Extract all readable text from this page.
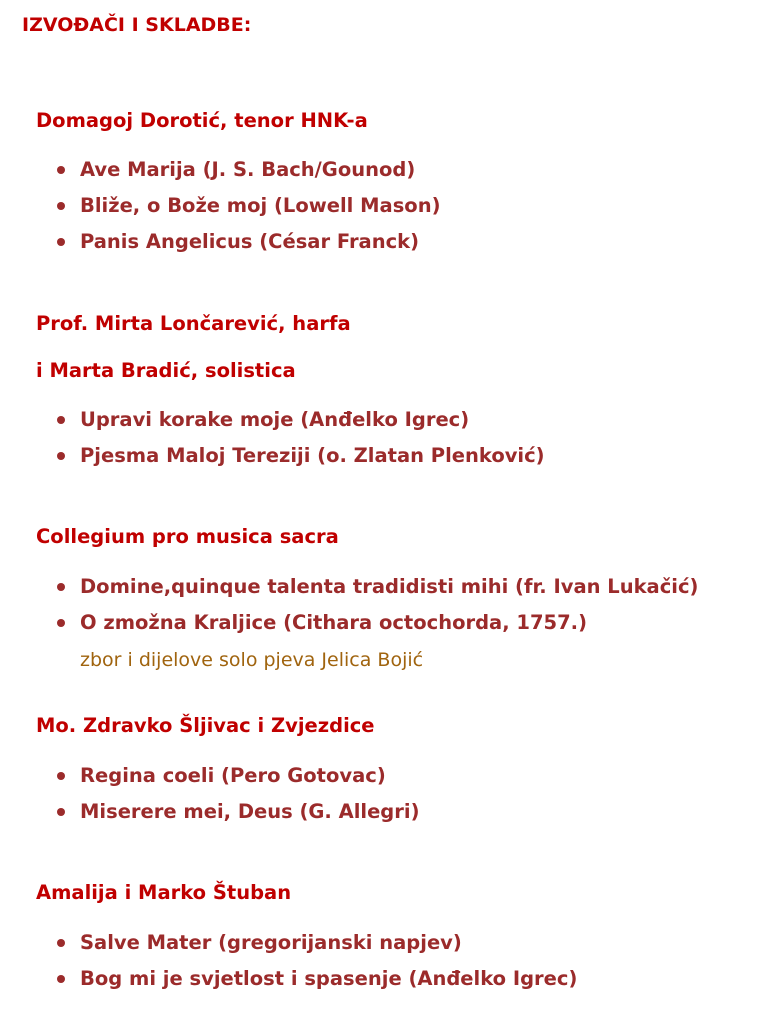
IZVOĐAČI I SKLADBE:
Domagoj Dorotić, tenor HNK-a
Ave Marija (J. S. Bach/Gounod)
Bliže, o Bože moj (Lowell Mason)
Panis Angelicus (César Franck)
Prof. Mirta Lončarević, harfa
i Marta Bradić, solistica
Upravi korake moje (Anđelko Igrec)
Pjesma Maloj Tereziji (o. Zlatan Plenković)
Collegium pro musica sacra
Domine,quinque talenta tradidisti mihi (fr. Ivan Lukačić)
O zmožna Kraljice (Cithara octochorda, 1757.)

zbor i dijelove solo pjeva Jelica Bojić

Mo. Zdravko Šljivac i Zvjezdice
Regina coeli (Pero Gotovac)
Miserere mei, Deus (G. Allegri)
Amalija i Marko Štuban
Salve Mater (gregorijanski napjev)
Bog mi je svjetlost i spasenje (Anđelko Igrec)
